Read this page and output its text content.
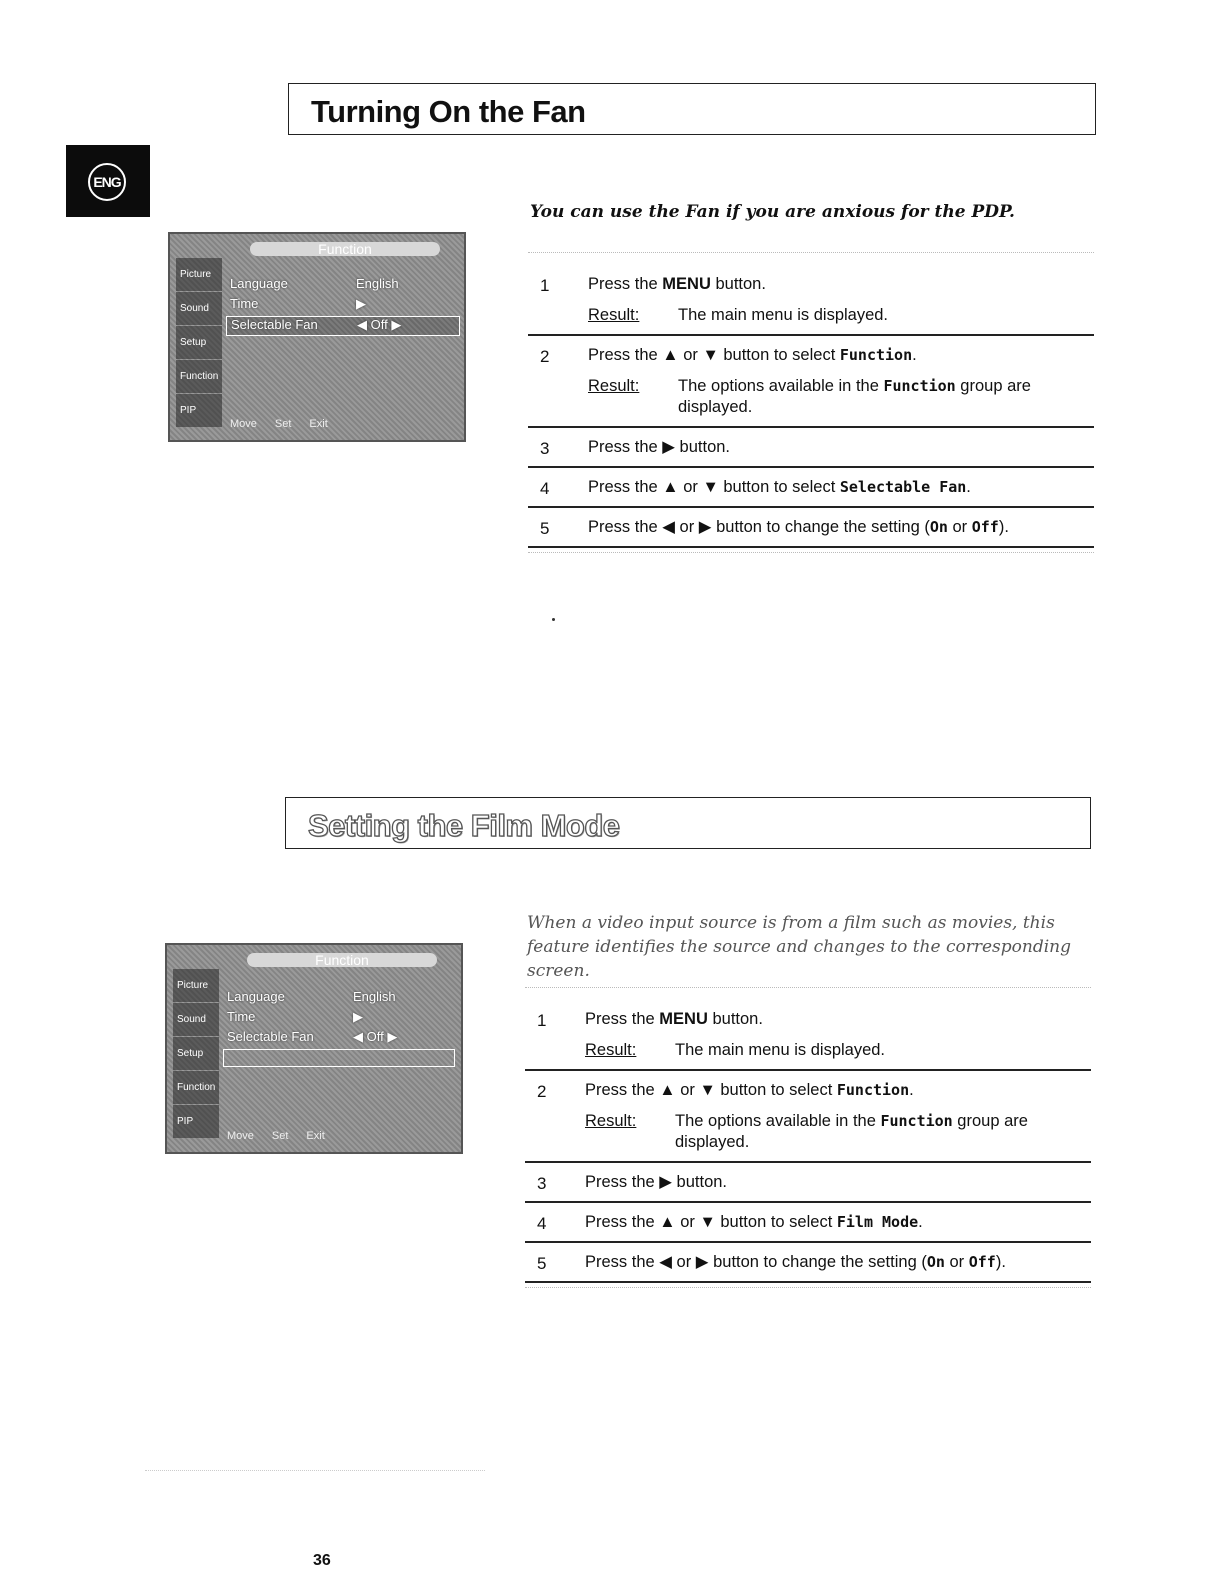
ENG
Turning On the Fan
You can use the Fan if you are anxious for the PDP.
Function
Picture
Sound
Setup
Function
PIP
Language	English
Time	▶
Selectable Fan	◀ Off ▶
Move Set Exit
1 Press the MENU button.
Result:	The main menu is displayed.
2 Press the ▲ or ▼ button to select Function.
Result:	The options available in the Function group are displayed.
3 Press the ▶ button.
4 Press the ▲ or ▼ button to select Selectable Fan.
5 Press the ◀ or ▶ button to change the setting (On or Off).
Setting the Film Mode
When a video input source is from a film such as movies, this feature identifies the source and changes to the corresponding screen.
Function
Picture
Sound
Setup
Function
PIP
Language	English
Time	▶
Selectable Fan	◀ Off ▶
Move Set Exit
1 Press the MENU button.
Result:	The main menu is displayed.
2 Press the ▲ or ▼ button to select Function.
Result:	The options available in the Function group are displayed.
3 Press the ▶ button.
4 Press the ▲ or ▼ button to select Film Mode.
5 Press the ◀ or ▶ button to change the setting (On or Off).
36
